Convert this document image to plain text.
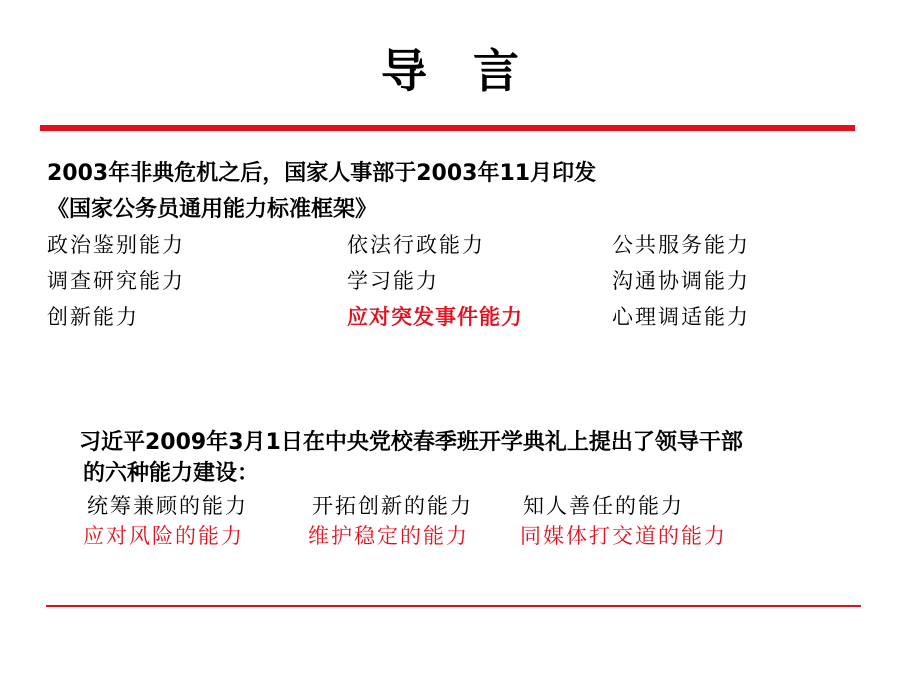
导言
2003年非典危机之后，国家人事部于2003年11月印发
《国家公务员通用能力标准框架》
政治鉴别能力	依法行政能力	公共服务能力
调查研究能力	学习能力	沟通协调能力
创新能力	应对突发事件能力	心理调适能力
习近平2009年3月1日在中央党校春季班开学典礼上提出了领导干部
的六种能力建设：
统筹兼顾的能力	开拓创新的能力 知人善任的能力
应对风险的能力	维护稳定的能力 同媒体打交道的能力
